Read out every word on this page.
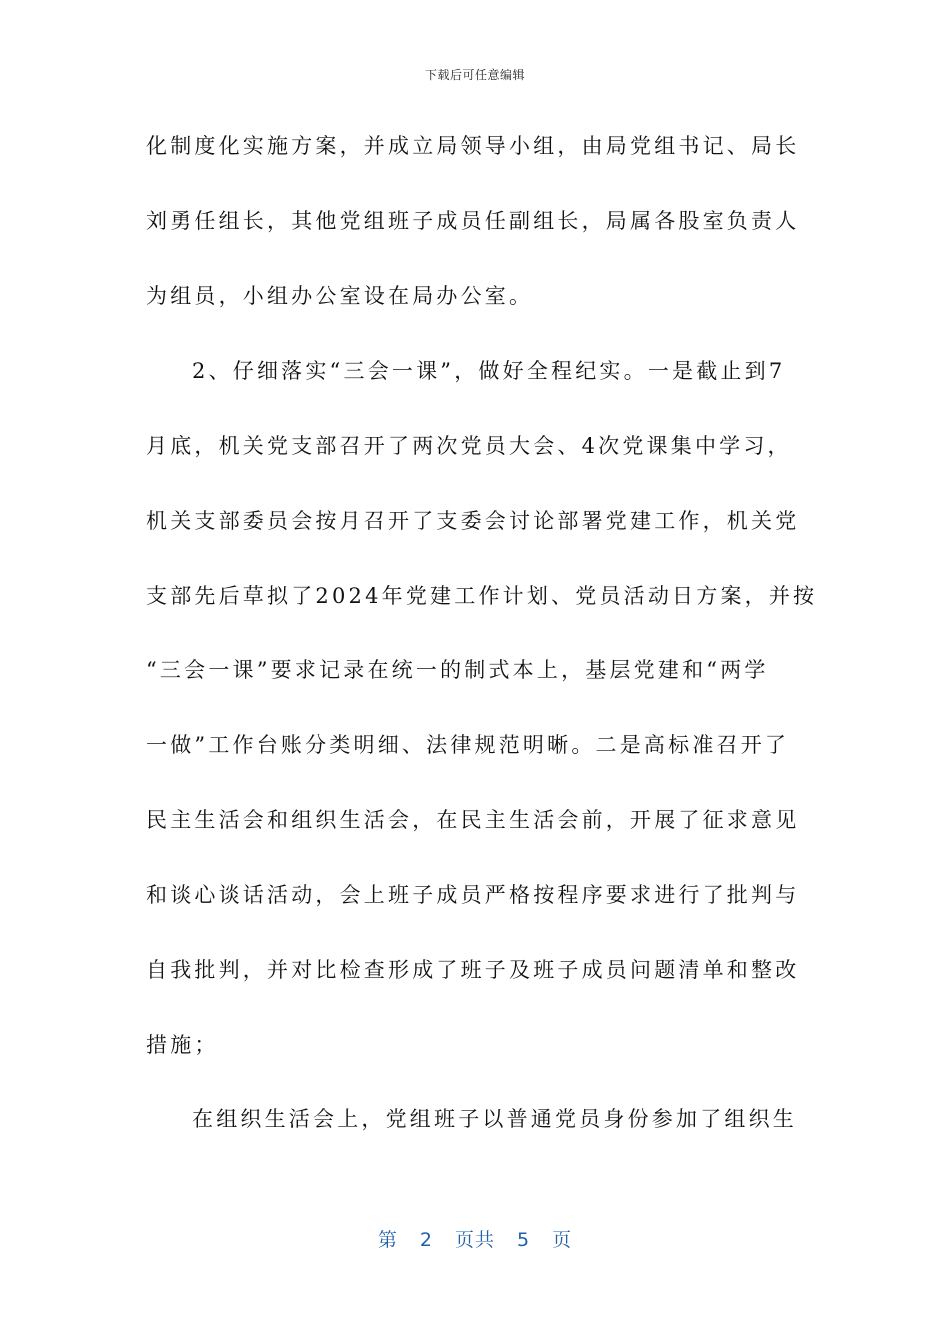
下载后可任意编辑
化制度化实施方案，并成立局领导小组，由局党组书记、局长
刘勇任组长，其他党组班子成员任副组长，局属各股室负责人
为组员，小组办公室设在局办公室。
2、仔细落实“三会一课”，做好全程纪实。一是截止到7
月底，机关党支部召开了两次党员大会、4次党课集中学习，
机关支部委员会按月召开了支委会讨论部署党建工作，机关党
支部先后草拟了2024年党建工作计划、党员活动日方案，并按
“三会一课”要求记录在统一的制式本上，基层党建和“两学
一做”工作台账分类明细、法律规范明晰。二是高标准召开了
民主生活会和组织生活会，在民主生活会前，开展了征求意见
和谈心谈话活动，会上班子成员严格按程序要求进行了批判与
自我批判，并对比检查形成了班子及班子成员问题清单和整改
措施；
在组织生活会上，党组班子以普通党员身份参加了组织生
第 2 页共 5 页
